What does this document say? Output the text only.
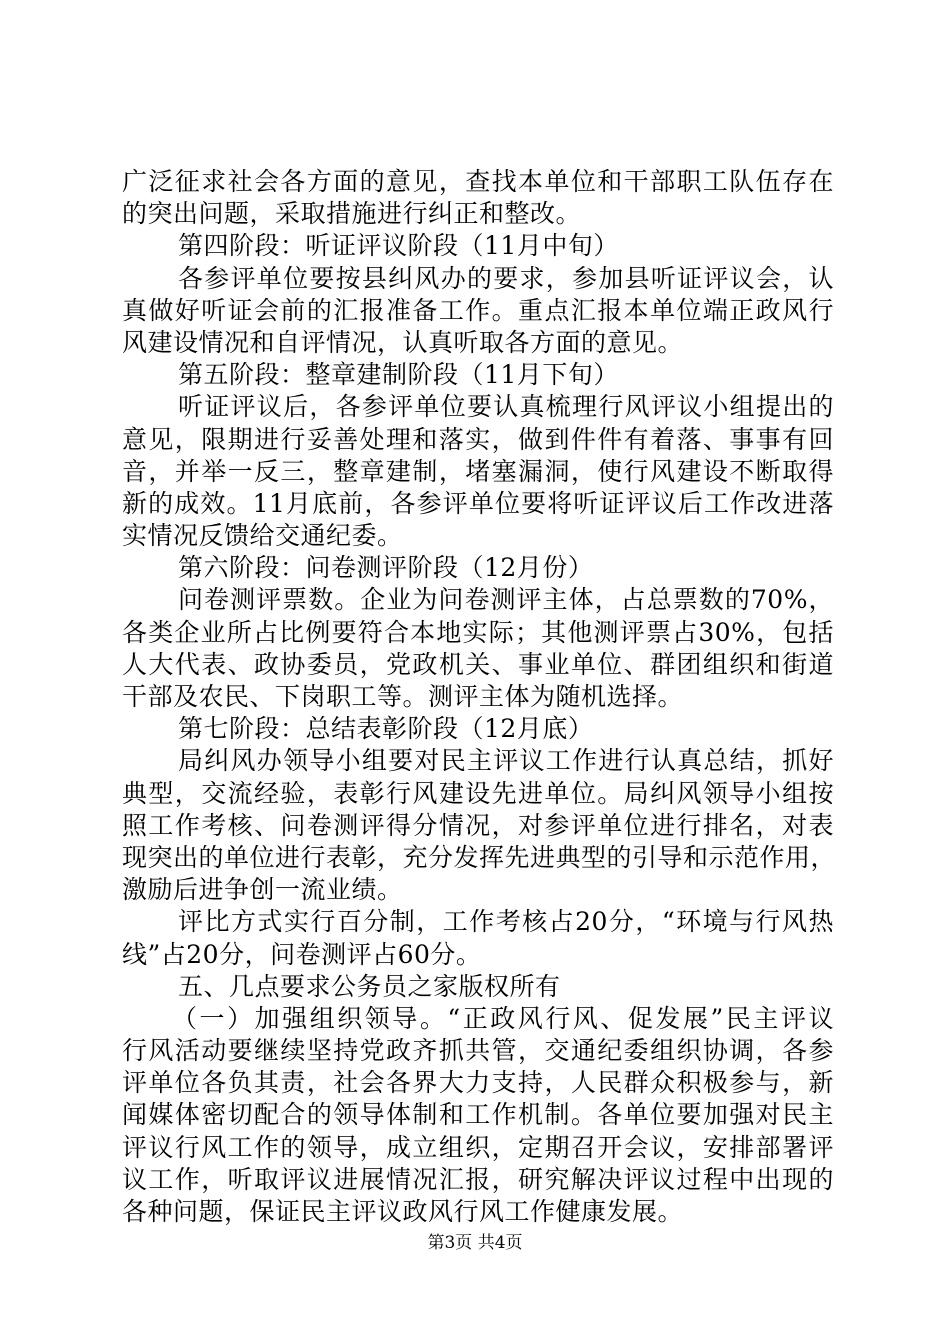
广泛征求社会各方面的意见，查找本单位和干部职工队伍存在
的突出问题，采取措施进行纠正和整改。
第四阶段：听证评议阶段（11月中旬）
各参评单位要按县纠风办的要求，参加县听证评议会，认
真做好听证会前的汇报准备工作。重点汇报本单位端正政风行
风建设情况和自评情况，认真听取各方面的意见。
第五阶段：整章建制阶段（11月下旬）
听证评议后，各参评单位要认真梳理行风评议小组提出的
意见，限期进行妥善处理和落实，做到件件有着落、事事有回
音，并举一反三，整章建制，堵塞漏洞，使行风建设不断取得
新的成效。11月底前，各参评单位要将听证评议后工作改进落
实情况反馈给交通纪委。
第六阶段：问卷测评阶段（12月份）
问卷测评票数。企业为问卷测评主体，占总票数的70%，
各类企业所占比例要符合本地实际；其他测评票占30%，包括
人大代表、政协委员，党政机关、事业单位、群团组织和街道
干部及农民、下岗职工等。测评主体为随机选择。
第七阶段：总结表彰阶段（12月底）
局纠风办领导小组要对民主评议工作进行认真总结，抓好
典型，交流经验，表彰行风建设先进单位。局纠风领导小组按
照工作考核、问卷测评得分情况，对参评单位进行排名，对表
现突出的单位进行表彰，充分发挥先进典型的引导和示范作用，
激励后进争创一流业绩。
评比方式实行百分制，工作考核占20分，“环境与行风热
线”占20分，问卷测评占60分。
五、几点要求公务员之家版权所有
（一）加强组织领导。“正政风行风、促发展”民主评议
行风活动要继续坚持党政齐抓共管，交通纪委组织协调，各参
评单位各负其责，社会各界大力支持，人民群众积极参与，新
闻媒体密切配合的领导体制和工作机制。各单位要加强对民主
评议行风工作的领导，成立组织，定期召开会议，安排部署评
议工作，听取评议进展情况汇报，研究解决评议过程中出现的
各种问题，保证民主评议政风行风工作健康发展。
第3页 共4页
